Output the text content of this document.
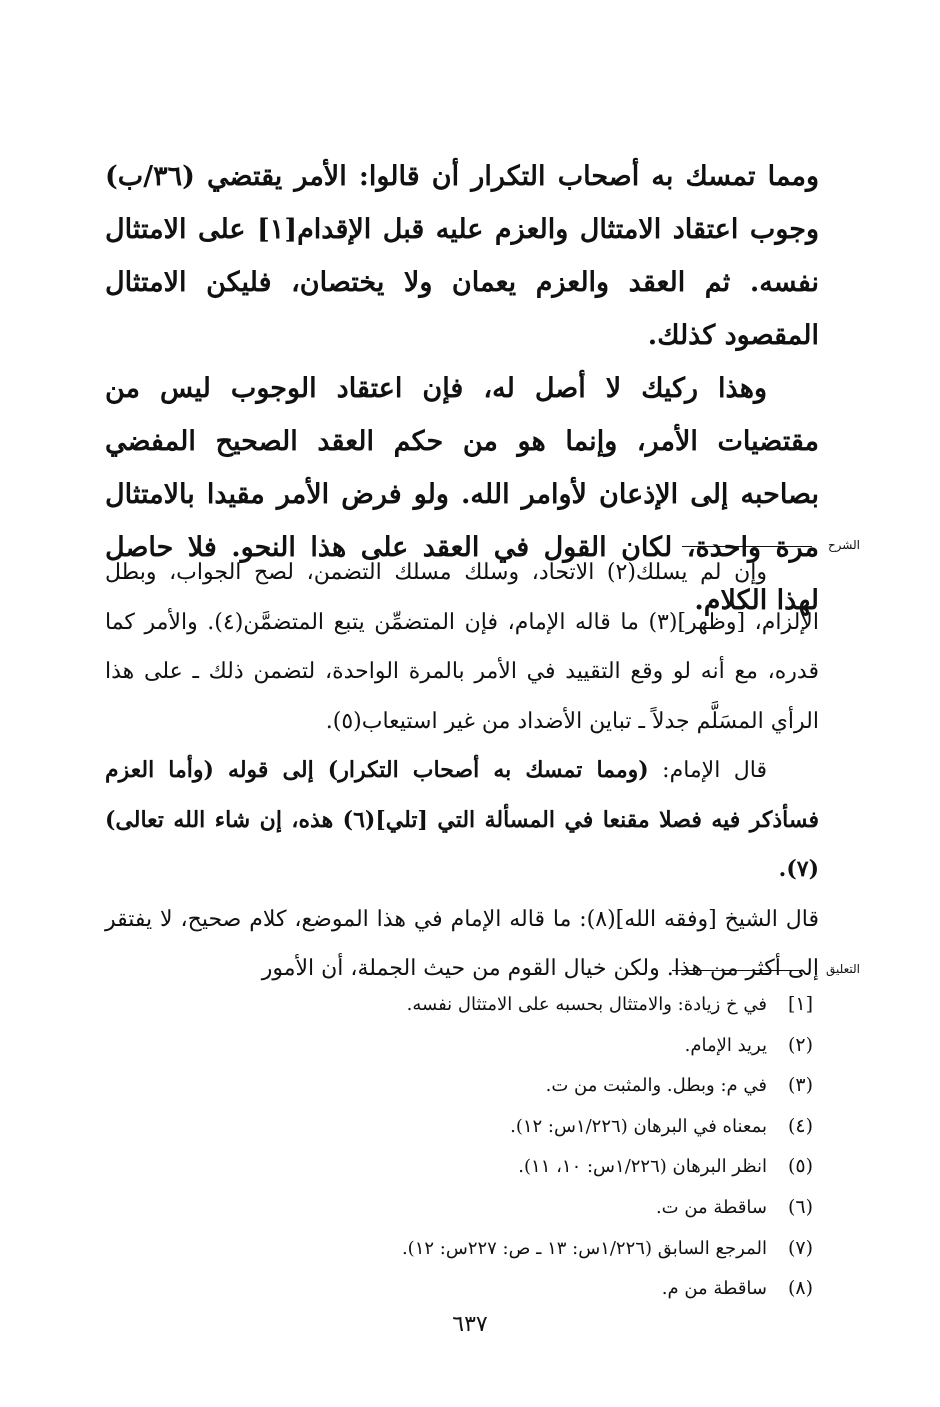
ومما تمسك به أصحاب التكرار أن قالوا: الأمر يقتضي (٣٦/ب) وجوب اعتقاد الامتثال والعزم عليه قبل الإقدام[١] على الامتثال نفسه. ثم العقد والعزم يعمان ولا يختصان، فليكن الامتثال المقصود كذلك.

وهذا ركيك لا أصل له، فإن اعتقاد الوجوب ليس من مقتضيات الأمر، وإنما هو من حكم العقد الصحيح المفضي بصاحبه إلى الإذعان لأوامر الله. ولو فرض الأمر مقيدا بالامتثال مرة واحدة، لكان القول في العقد على هذا النحو. فلا حاصل لهذا الكلام.

الشرح

وإن لم يسلك(٢) الاتحاد، وسلك مسلك التضمن، لصح الجواب، وبطل الإلزام، [وظهر](٣) ما قاله الإمام، فإن المتضمِّن يتبع المتضمَّن(٤). والأمر كما قدره، مع أنه لو وقع التقييد في الأمر بالمرة الواحدة، لتضمن ذلك ـ على هذا الرأي المسَلَّم جدلاً ـ تباين الأضداد من غير استيعاب(٥).

قال الإمام: (ومما تمسك به أصحاب التكرار) إلى قوله (وأما العزم فسأذكر فيه فصلا مقنعا في المسألة التي [تلي](٦) هذه، إن شاء الله تعالى)(٧).

قال الشيخ [وفقه الله](٨): ما قاله الإمام في هذا الموضع، كلام صحيح، لا يفتقر إلى أكثر من هذا. ولكن خيال القوم من حيث الجملة، أن الأمور التعليق
[١]في خ زيادة: والامتثال بحسبه على الامتثال نفسه.
(٢)يريد الإمام.
(٣)في م: وبطل. والمثبت من ت.
(٤)بمعناه في البرهان (١/٢٢٦س: ١٢).
(٥)انظر البرهان (١/٢٢٦س: ١٠، ١١).
(٦)ساقطة من ت.
(٧)المرجع السابق (١/٢٢٦س: ١٣ ـ ص: ٢٢٧س: ١٢).
(٨)ساقطة من م.
٦٣٧
